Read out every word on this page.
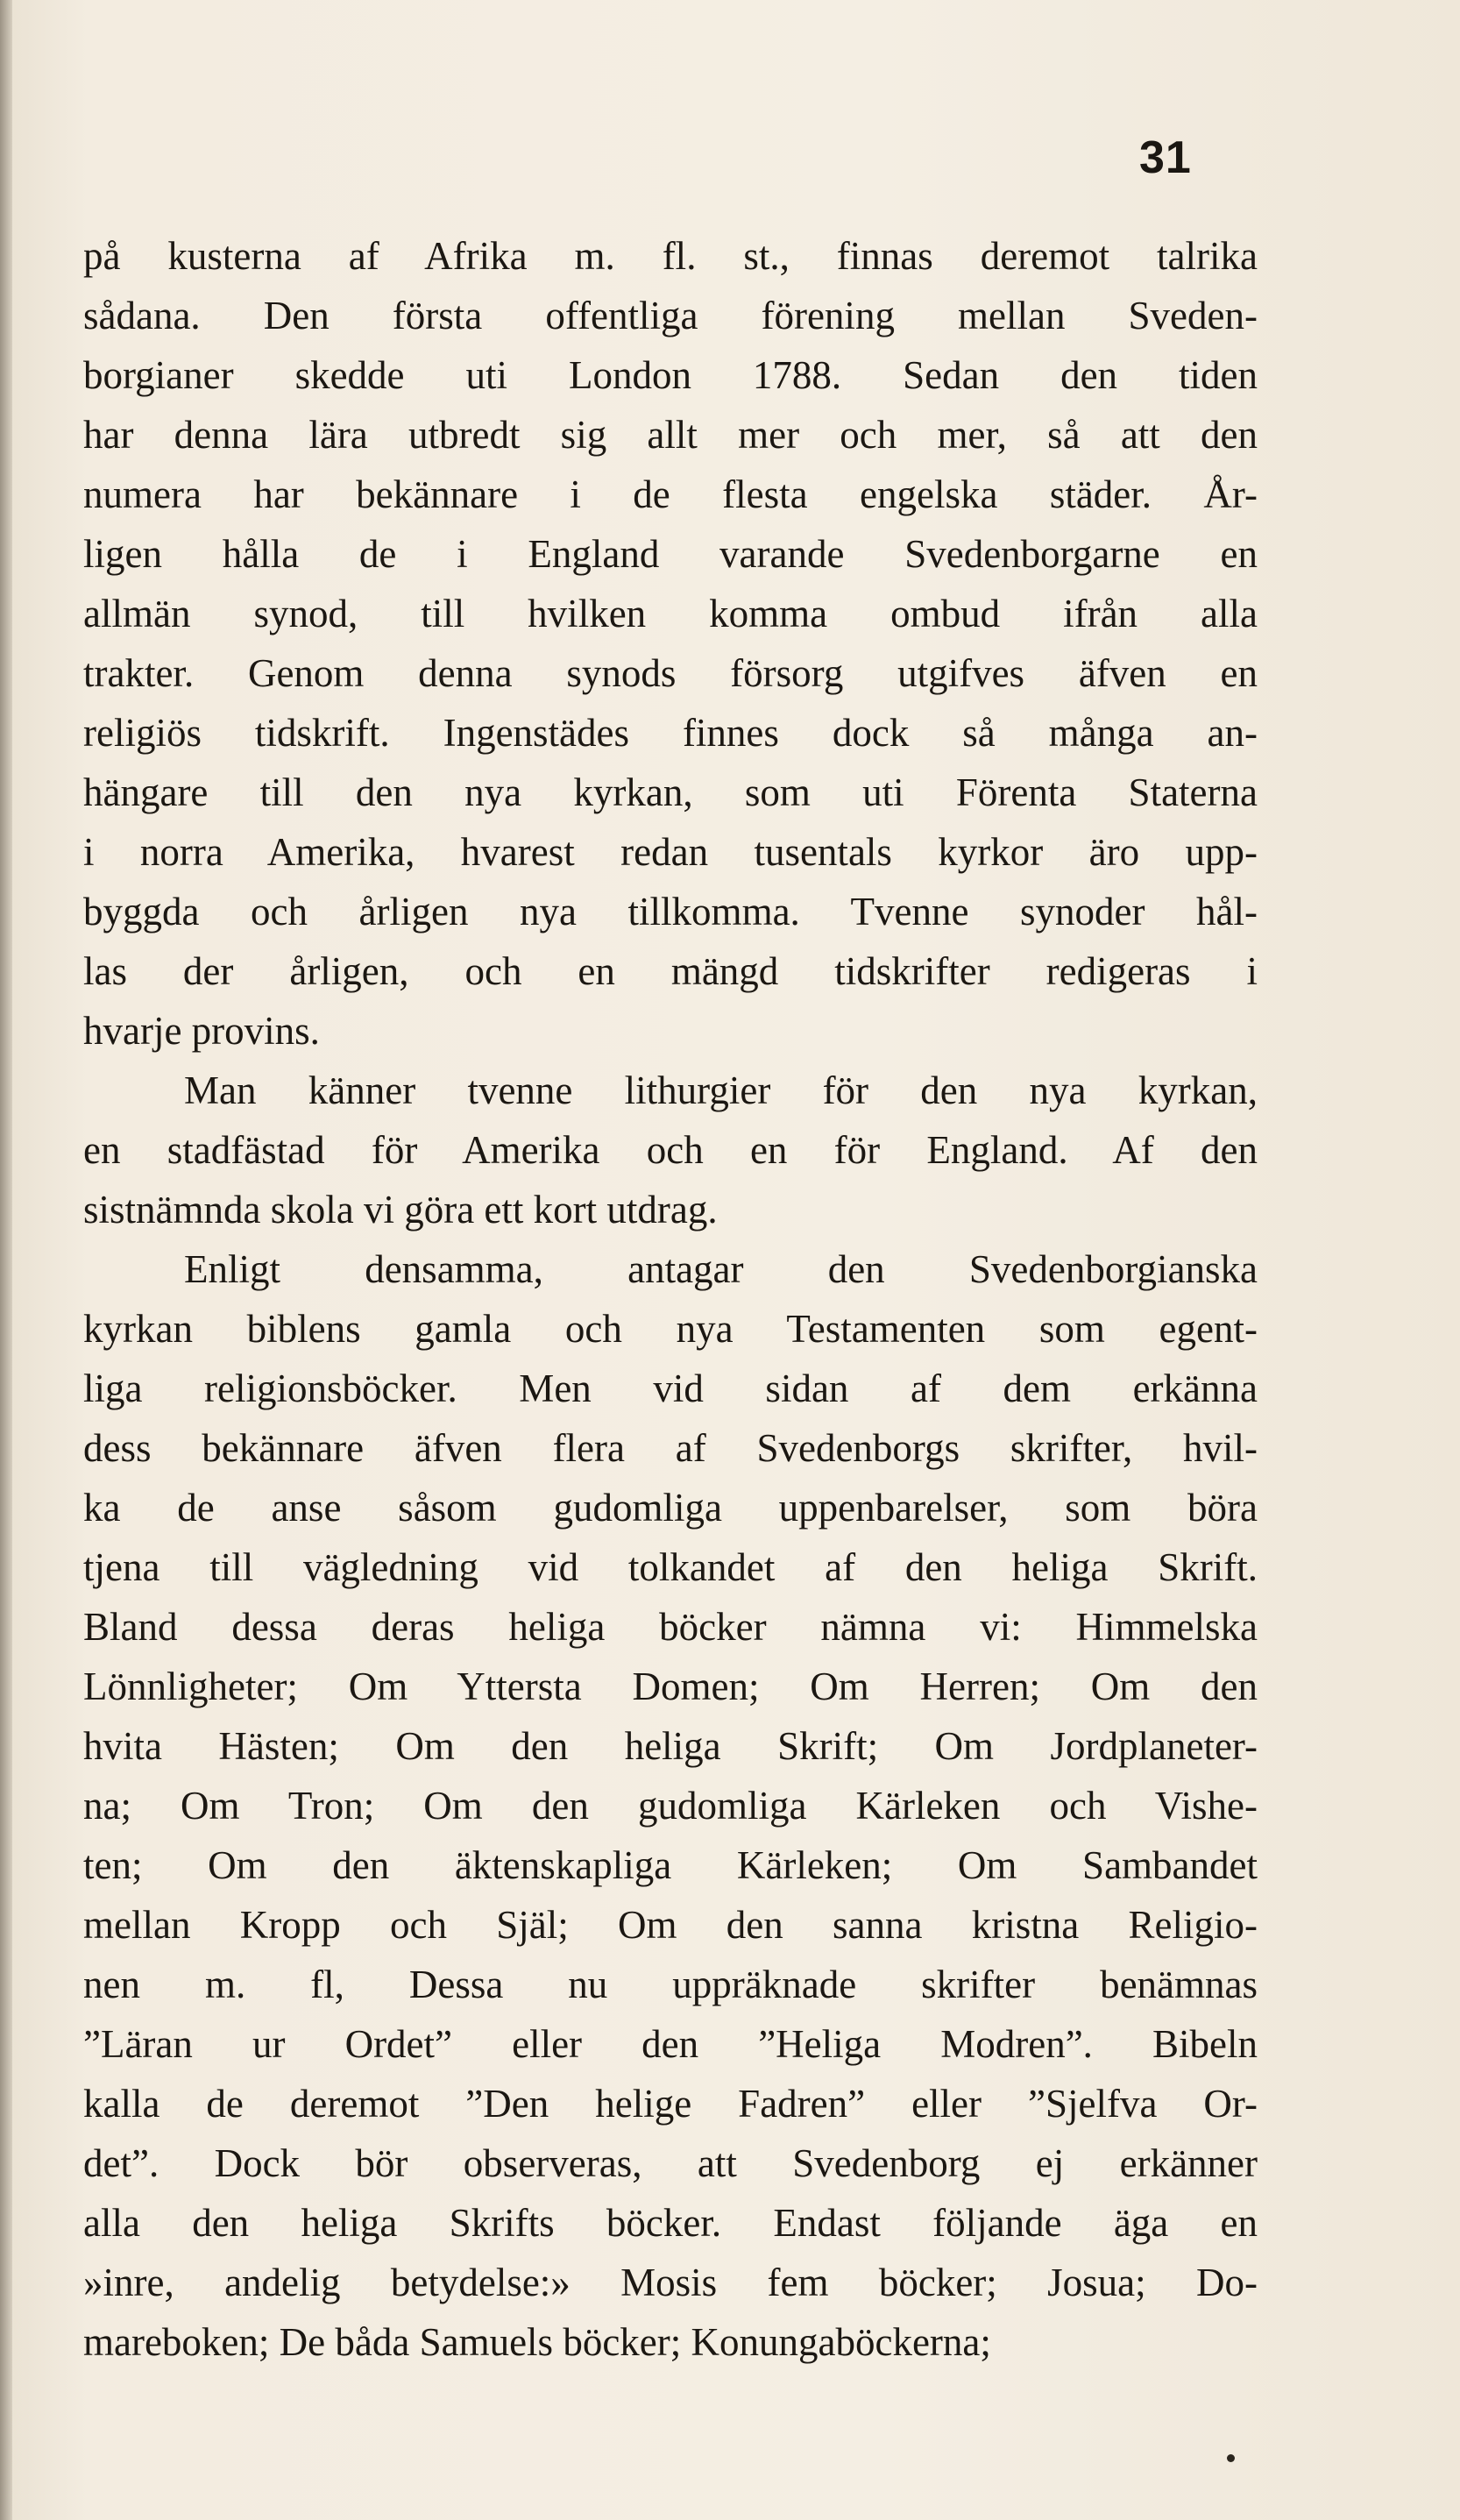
31
på kusterna af Afrika m. fl. st., finnas deremot talrika
sådana. Den första offentliga förening mellan Sveden-
borgianer skedde uti London 1788. Sedan den tiden
har denna lära utbredt sig allt mer och mer, så att den
numera har bekännare i de flesta engelska städer. År-
ligen hålla de i England varande Svedenborgarne en
allmän synod, till hvilken komma ombud ifrån alla
trakter. Genom denna synods försorg utgifves äfven en
religiös tidskrift. Ingenstädes finnes dock så många an-
hängare till den nya kyrkan, som uti Förenta Staterna
i norra Amerika, hvarest redan tusentals kyrkor äro upp-
byggda och årligen nya tillkomma. Tvenne synoder hål-
las der årligen, och en mängd tidskrifter redigeras i
hvarje provins.
Man känner tvenne lithurgier för den nya kyrkan,
en stadfästad för Amerika och en för England. Af den
sistnämnda skola vi göra ett kort utdrag.
Enligt densamma, antagar den Svedenborgianska
kyrkan biblens gamla och nya Testamenten som egent-
liga religionsböcker. Men vid sidan af dem erkänna
dess bekännare äfven flera af Svedenborgs skrifter, hvil-
ka de anse såsom gudomliga uppenbarelser, som böra
tjena till vägledning vid tolkandet af den heliga Skrift.
Bland dessa deras heliga böcker nämna vi: Himmelska
Lönnligheter; Om Yttersta Domen; Om Herren; Om den
hvita Hästen; Om den heliga Skrift; Om Jordplaneter-
na; Om Tron; Om den gudomliga Kärleken och Vishe-
ten; Om den äktenskapliga Kärleken; Om Sambandet
mellan Kropp och Själ; Om den sanna kristna Religio-
nen m. fl, Dessa nu uppräknade skrifter benämnas
”Läran ur Ordet” eller den ”Heliga Modren”. Bibeln
kalla de deremot ”Den helige Fadren” eller ”Sjelfva Or-
det”. Dock bör observeras, att Svedenborg ej erkänner
alla den heliga Skrifts böcker. Endast följande äga en
»inre, andelig betydelse:» Mosis fem böcker; Josua; Do-
mareboken; De båda Samuels böcker; Konungaböckerna;
